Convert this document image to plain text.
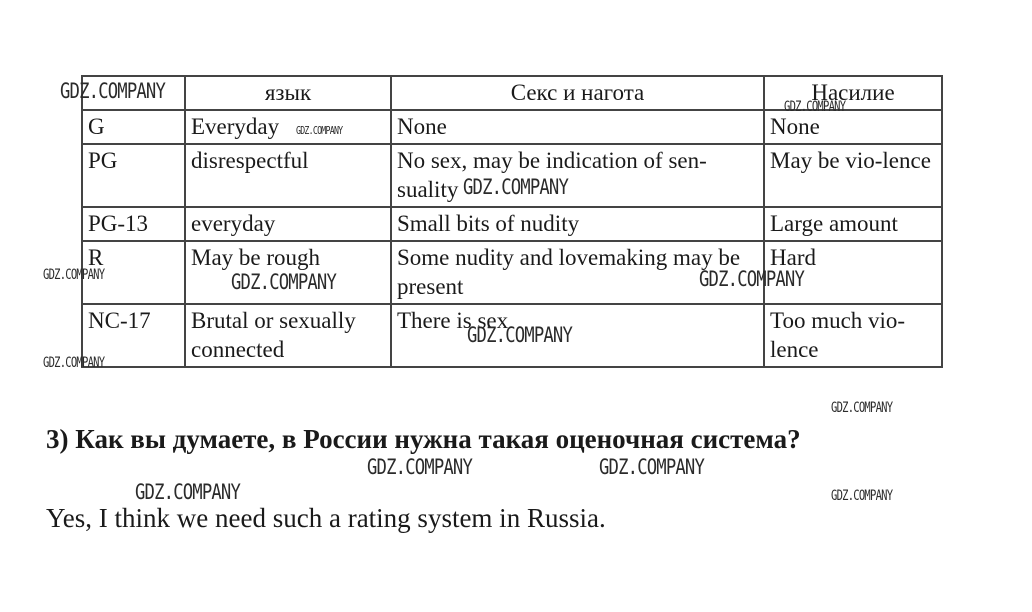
	язык	Секс и нагота	Насилие
G	Everyday	None	None
PG	disrespectful	No sex, may be indication of sen-suality	May be vio-lence
PG-13	everyday	Small bits of nudity	Large amount
R	May be rough	Some nudity and lovemaking may be present	Hard
NC-17	Brutal or sexually connected	There is sex	Too much vio-lence
3) Как вы думаете, в России нужна такая оценочная система?
Yes, I think we need such a rating system in Russia.
GDZ.COMPANY
GDZ.COMPANY
GDZ.COMPANY
GDZ.COMPANY
GDZ.COMPANY	GDZ.COMPANY	GDZ.COMPANY
GDZ.COMPANY
GDZ.COMPANY
GDZ.COMPANY
GDZ.COMPANY	GDZ.COMPANY
GDZ.COMPANY	GDZ.COMPANY
